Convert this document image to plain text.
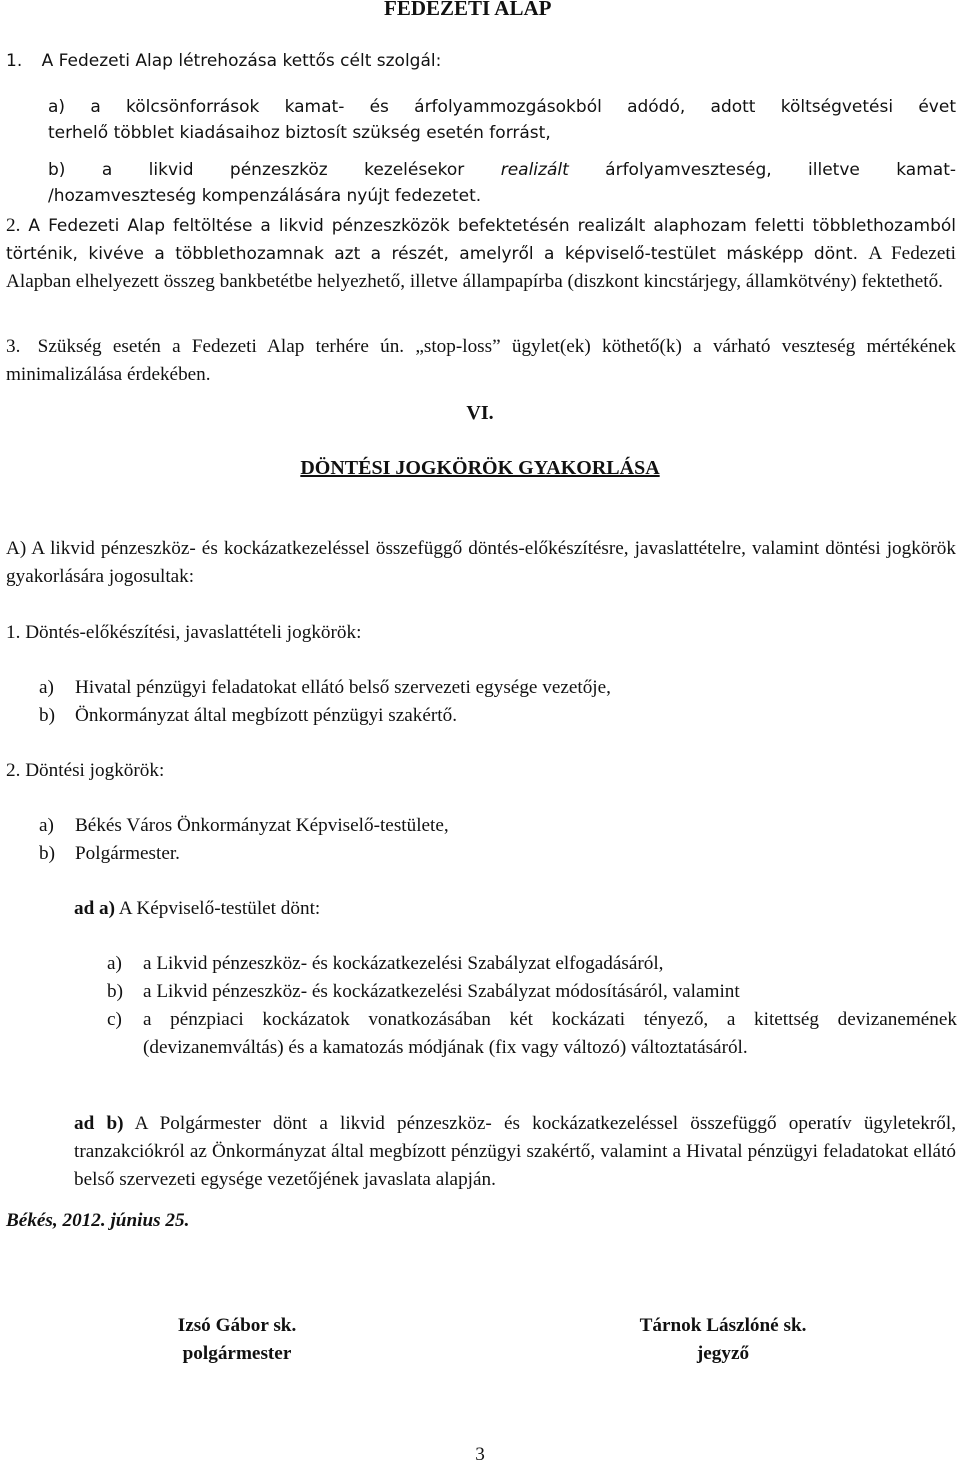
FEDEZETI ALAP
1. A Fedezeti Alap létrehozása kettős célt szolgál:
a) a kölcsönforrások kamat- és árfolyammozgásokból adódó, adott költségvetési évet
terhelő többlet kiadásaihoz biztosít szükség esetén forrást,
b) a likvid pénzeszköz kezelésekor realizált árfolyamveszteség, illetve kamat-
/hozamveszteség kompenzálására nyújt fedezetet.
2. A Fedezeti Alap feltöltése a likvid pénzeszközök befektetésén realizált alaphozam feletti többlethozamból történik, kivéve a többlethozamnak azt a részét, amelyről a képviselő-testület másképp dönt. A Fedezeti Alapban elhelyezett összeg bankbetétbe helyezhető, illetve állampapírba (diszkont kincstárjegy, államkötvény) fektethető.
3. Szükség esetén a Fedezeti Alap terhére ún. „stop-loss” ügylet(ek) köthető(k) a várható veszteség mértékének minimalizálása érdekében.
VI.
DÖNTÉSI JOGKÖRÖK GYAKORLÁSA
A) A likvid pénzeszköz- és kockázatkezeléssel összefüggő döntés-előkészítésre, javaslattételre, valamint döntési jogkörök gyakorlására jogosultak:
1. Döntés-előkészítési, javaslattételi jogkörök:
a)	Hivatal pénzügyi feladatokat ellátó belső szervezeti egysége vezetője,
b)	Önkormányzat által megbízott pénzügyi szakértő.
2. Döntési jogkörök:
a)	Békés Város Önkormányzat Képviselő-testülete,
b)	Polgármester.
ad a) A Képviselő-testület dönt:
a)	a Likvid pénzeszköz- és kockázatkezelési Szabályzat elfogadásáról,
b)	a Likvid pénzeszköz- és kockázatkezelési Szabályzat módosításáról, valamint
c)	a pénzpiaci kockázatok vonatkozásában két kockázati tényező, a kitettség devizanemének (devizanemváltás) és a kamatozás módjának (fix vagy változó) változtatásáról.
ad b) A Polgármester dönt a likvid pénzeszköz- és kockázatkezeléssel összefüggő operatív ügyletekről, tranzakciókról az Önkormányzat által megbízott pénzügyi szakértő, valamint a Hivatal pénzügyi feladatokat ellátó belső szervezeti egysége vezetőjének javaslata alapján.
Békés, 2012. június 25.
Izsó Gábor sk.
polgármester
Tárnok Lászlóné sk.
jegyző
3
